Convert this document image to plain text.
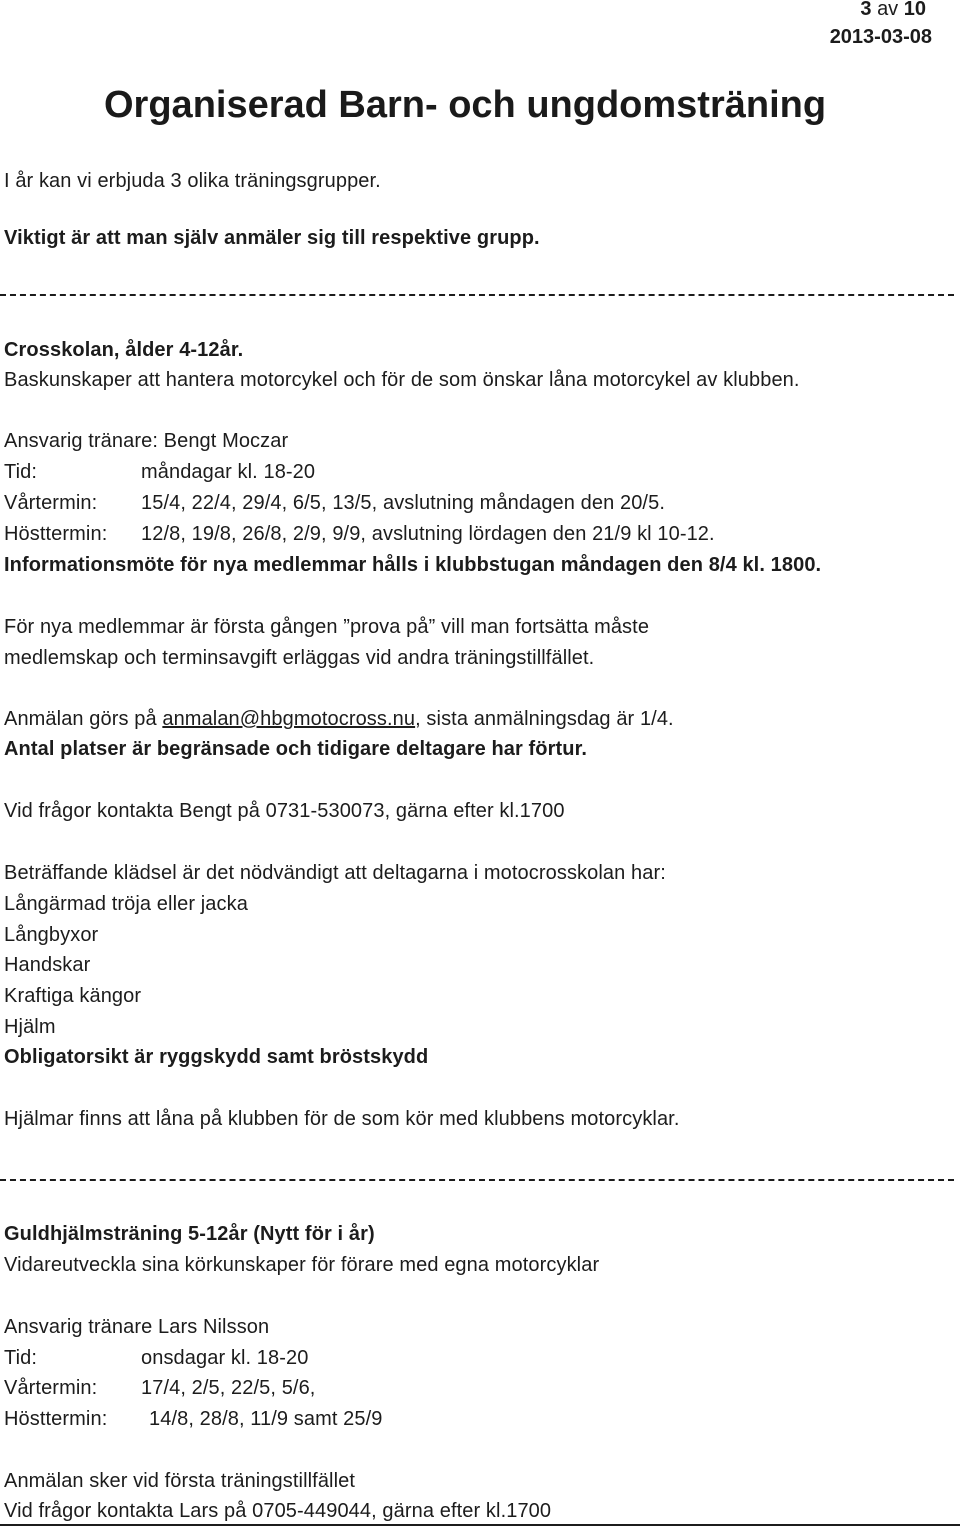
3 av 10
2013-03-08
Organiserad Barn- och ungdomsträning
I år kan vi erbjuda 3 olika träningsgrupper.
Viktigt är att man själv anmäler sig till respektive grupp.
Crosskolan, ålder 4-12år.
Baskunskaper att hantera motorcykel och för de som önskar låna motorcykel av klubben.
Ansvarig tränare: Bengt Moczar
Tid:	måndagar kl. 18-20
Vårtermin: 15/4, 22/4, 29/4, 6/5, 13/5, avslutning måndagen den 20/5.
Hösttermin: 12/8, 19/8, 26/8, 2/9, 9/9, avslutning lördagen den 21/9 kl 10-12.
Informationsmöte för nya medlemmar hålls i klubbstugan måndagen den 8/4 kl. 1800.
För nya medlemmar är första gången ”prova på” vill man fortsätta måste
medlemskap och terminsavgift erläggas vid andra träningstillfället.
Anmälan görs på anmalan@hbgmotocross.nu, sista anmälningsdag är 1/4.
Antal platser är begränsade och tidigare deltagare har förtur.
Vid frågor kontakta Bengt på 0731-530073, gärna efter kl.1700
Beträffande klädsel är det nödvändigt att deltagarna i motocrosskolan har:
Långärmad tröja eller jacka
Långbyxor
Handskar
Kraftiga kängor
Hjälm
Obligatorsikt är ryggskydd samt bröstskydd
Hjälmar finns att låna på klubben för de som kör med klubbens motorcyklar.
Guldhjälmsträning 5-12år (Nytt för i år)
Vidareutveckla sina körkunskaper för förare med egna motorcyklar
Ansvarig tränare Lars Nilsson
Tid:	onsdagar kl. 18-20
Vårtermin: 17/4, 2/5, 22/5, 5/6,
Hösttermin: 14/8, 28/8, 11/9 samt 25/9
Anmälan sker vid första träningstillfället
Vid frågor kontakta Lars på 0705-449044, gärna efter kl.1700
